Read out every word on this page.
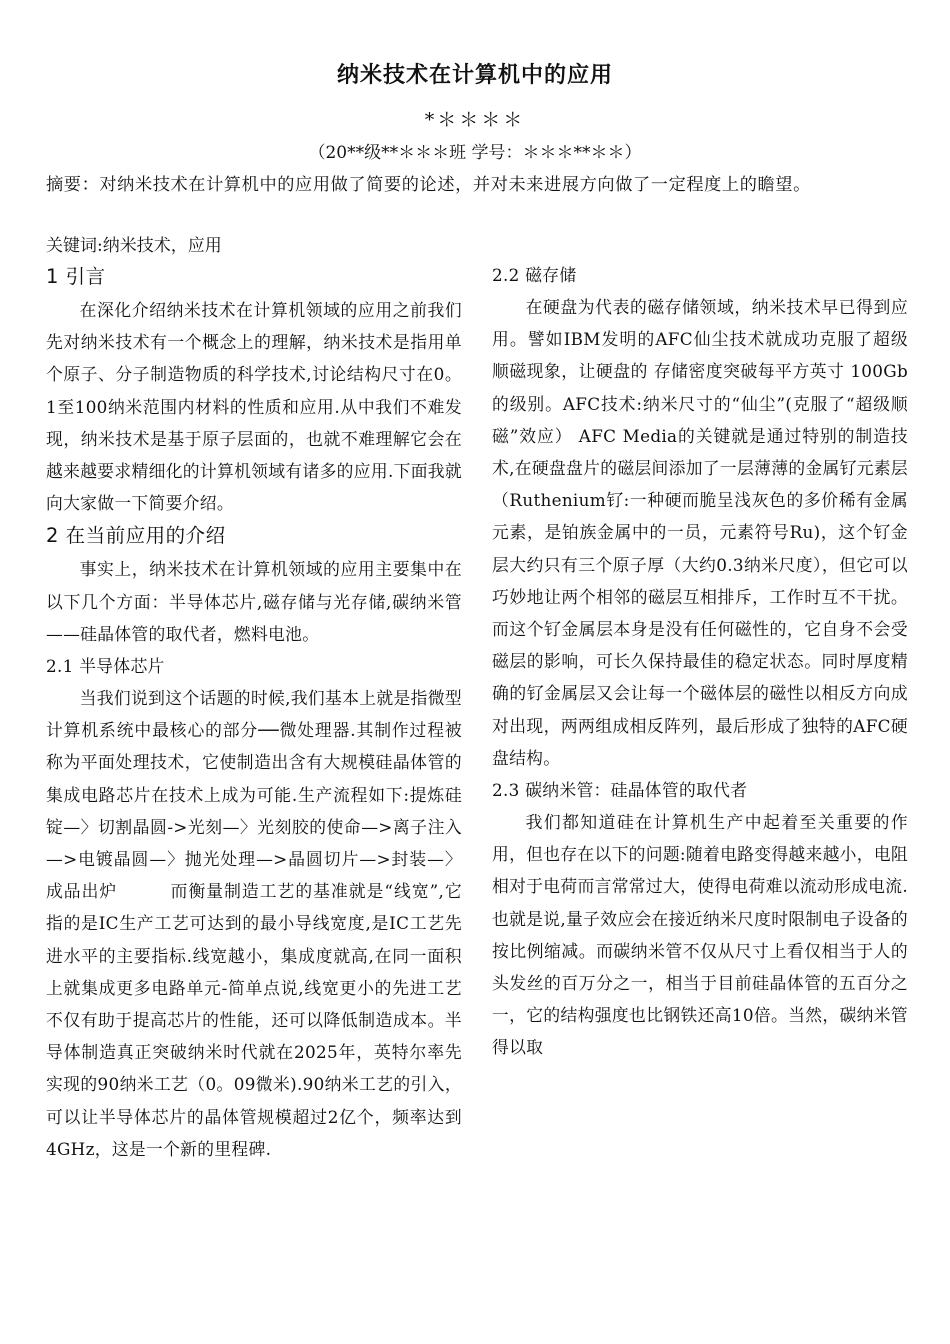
纳米技术在计算机中的应用
*＊＊＊＊
（20**级**＊＊＊班 学号：＊＊＊**＊＊）
摘要：对纳米技术在计算机中的应用做了简要的论述，并对未来进展方向做了一定程度上的瞻望。
关键词:纳米技术，应用
1 引言

在深化介绍纳米技术在计算机领域的应用之前我们先对纳米技术有一个概念上的理解，纳米技术是指用单个原子、分子制造物质的科学技术,讨论结构尺寸在0。1至100纳米范围内材料的性质和应用.从中我们不难发现，纳米技术是基于原子层面的，也就不难理解它会在越来越要求精细化的计算机领域有诸多的应用.下面我就向大家做一下简要介绍。

2 在当前应用的介绍

事实上，纳米技术在计算机领域的应用主要集中在以下几个方面：半导体芯片,磁存储与光存储,碳纳米管——硅晶体管的取代者，燃料电池。

2.1 半导体芯片

当我们说到这个话题的时候,我们基本上就是指微型计算机系统中最核心的部分──微处理器.其制作过程被称为平面处理技术，它使制造出含有大规模硅晶体管的集成电路芯片在技术上成为可能.生产流程如下:提炼硅锭—〉切割晶圆->光刻—〉光刻胶的使命—>离子注入—>电镀晶圆—〉抛光处理—>晶圆切片—>封装—〉成品出炉　　　而衡量制造工艺的基准就是“线宽”,它指的是IC生产工艺可达到的最小导线宽度,是IC工艺先进水平的主要指标.线宽越小，集成度就高,在同一面积上就集成更多电路单元-简单点说,线宽更小的先进工艺不仅有助于提高芯片的性能，还可以降低制造成本。半导体制造真正突破纳米时代就在2025年，英特尔率先实现的90纳米工艺（0。09微米).90纳米工艺的引入，可以让半导体芯片的晶体管规模超过2亿个，频率达到4GHz，这是一个新的里程碑.

2.2 磁存储

在硬盘为代表的磁存储领域，纳米技术早已得到应用。譬如IBM发明的AFC仙尘技术就成功克服了超级顺磁现象，让硬盘的 存储密度突破每平方英寸 100Gb 的级别。AFC技术:纳米尺寸的“仙尘”(克服了“超级顺磁”效应） AFC Media的关键就是通过特别的制造技术,在硬盘盘片的磁层间添加了一层薄薄的金属钌元素层（Ruthenium钌:一种硬而脆呈浅灰色的多价稀有金属元素，是铂族金属中的一员，元素符号Ru)，这个钌金层大约只有三个原子厚（大约0.3纳米尺度），但它可以巧妙地让两个相邻的磁层互相排斥，工作时互不干扰。而这个钌金属层本身是没有任何磁性的，它自身不会受磁层的影响，可长久保持最佳的稳定状态。同时厚度精确的钌金属层又会让每一个磁体层的磁性以相反方向成对出现，两两组成相反阵列，最后形成了独特的AFC硬盘结构。

2.3 碳纳米管：硅晶体管的取代者

我们都知道硅在计算机生产中起着至关重要的作用，但也存在以下的问题:随着电路变得越来越小，电阻相对于电荷而言常常过大，使得电荷难以流动形成电流.也就是说,量子效应会在接近纳米尺度时限制电子设备的按比例缩减。而碳纳米管不仅从尺寸上看仅相当于人的头发丝的百万分之一，相当于目前硅晶体管的五百分之一，它的结构强度也比钢铁还高10倍。当然，碳纳米管得以取
